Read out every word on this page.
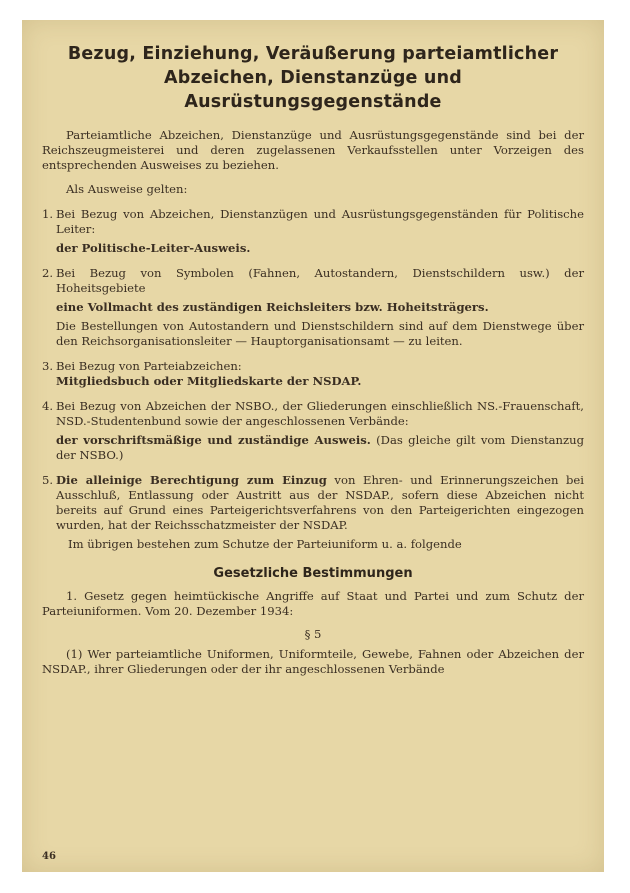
Bezug, Einziehung, Veräußerung parteiamtlicher
Abzeichen, Dienstanzüge und Ausrüstungsgegenstände

Parteiamtliche Abzeichen, Dienstanzüge und Ausrüstungsgegenstände sind bei der Reichszeugmeisterei und deren zugelassenen Verkaufsstellen unter Vorzeigen des entsprechenden Ausweises zu beziehen.

Als Ausweise gelten:

1. Bei Bezug von Abzeichen, Dienstanzügen und Ausrüstungsgegenständen für Politische Leiter:

der Politische-Leiter-Ausweis.

2. Bei Bezug von Symbolen (Fahnen, Autostandern, Dienstschildern usw.) der Hoheitsgebiete

eine Vollmacht des zuständigen Reichsleiters bzw. Hoheitsträgers.

Die Bestellungen von Autostandern und Dienstschildern sind auf dem Dienstwege über den Reichsorganisationsleiter — Hauptorganisationsamt — zu leiten.

3. Bei Bezug von Parteiabzeichen:

Mitgliedsbuch oder Mitgliedskarte der NSDAP.

4. Bei Bezug von Abzeichen der NSBO., der Gliederungen einschließlich NS.-Frauenschaft, NSD.-Studentenbund sowie der angeschlossenen Verbände:

der vorschriftsmäßige und zuständige Ausweis. (Das gleiche gilt vom Dienstanzug der NSBO.)

5. Die alleinige Berechtigung zum Einzug von Ehren- und Erinnerungszeichen bei Ausschluß, Entlassung oder Austritt aus der NSDAP., sofern diese Abzeichen nicht bereits auf Grund eines Parteigerichtsverfahrens von den Parteigerichten eingezogen wurden, hat der Reichsschatzmeister der NSDAP.

Im übrigen bestehen zum Schutze der Parteiuniform u. a. folgende

Gesetzliche Bestimmungen

1. Gesetz gegen heimtückische Angriffe auf Staat und Partei und zum Schutz der Parteiuniformen. Vom 20. Dezember 1934:

§ 5

(1) Wer parteiamtliche Uniformen, Uniformteile, Gewebe, Fahnen oder Abzeichen der NSDAP., ihrer Gliederungen oder der ihr angeschlossenen Verbände

46
